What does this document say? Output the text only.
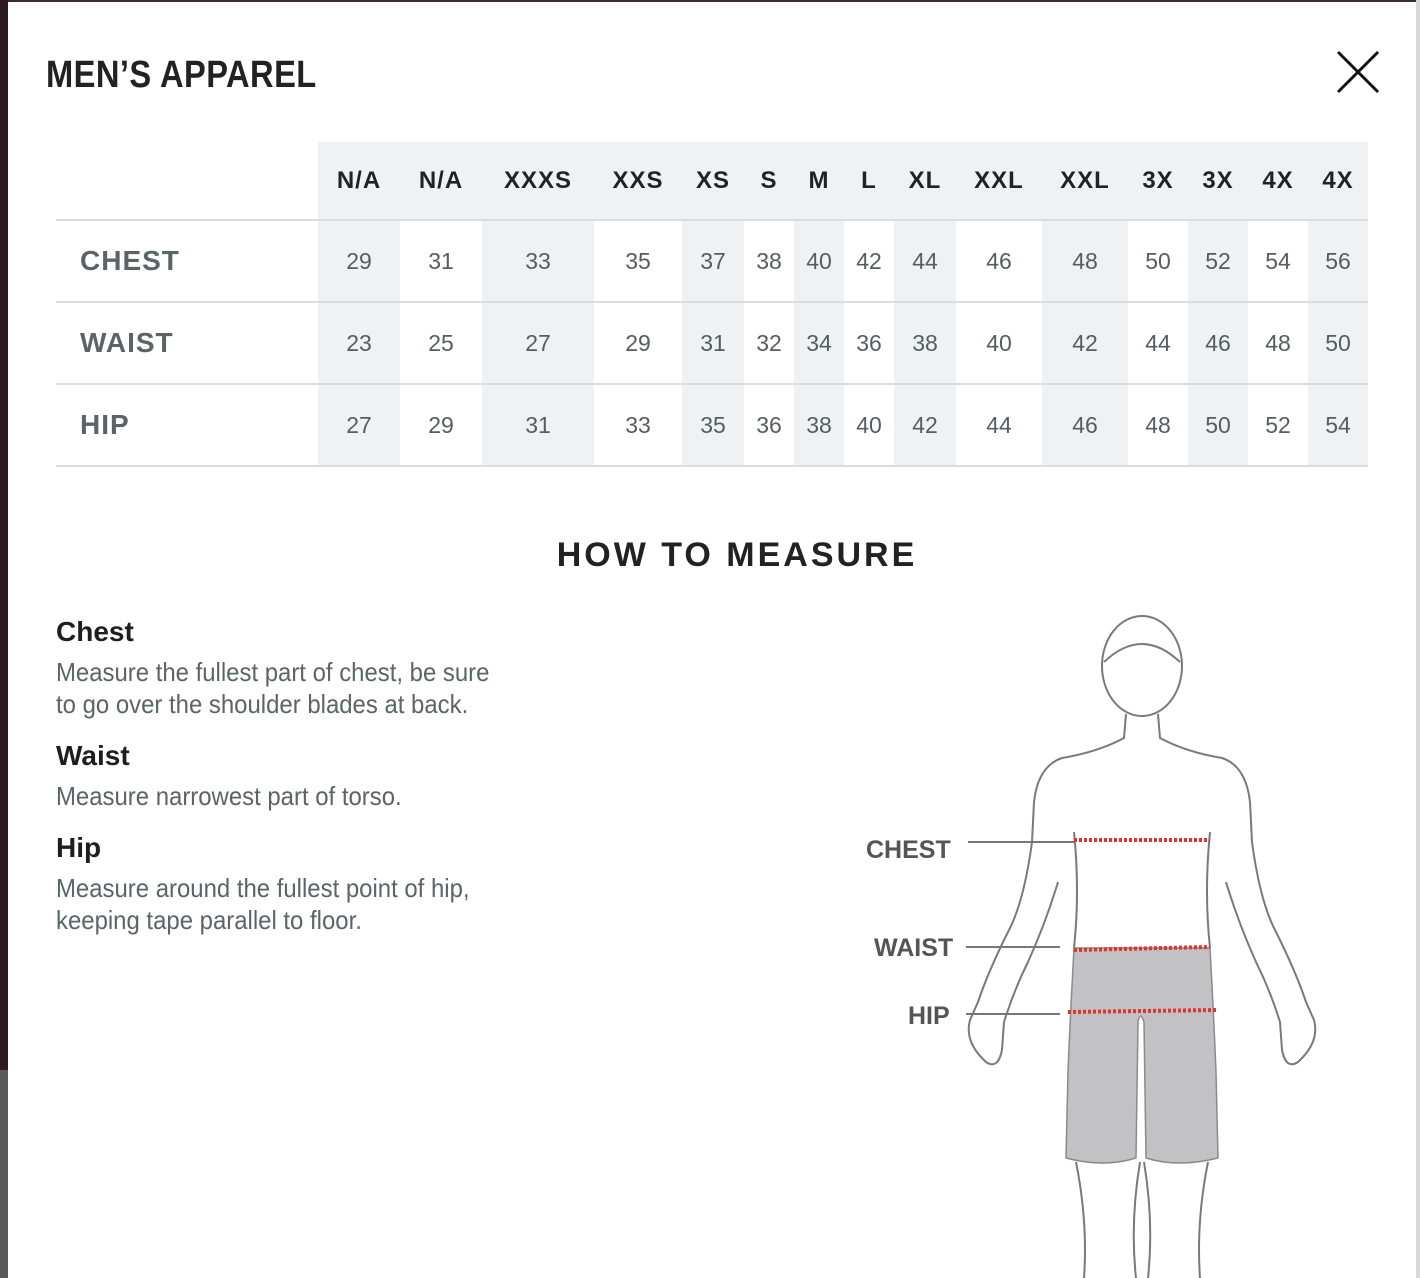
MEN’S APPAREL
	N/A	N/A	XXXS	XXS	XS	S	M	L	XL	XXL	XXL	3X	3X	4X	4X
CHEST	29	31	33	35	37	38	40	42	44	46	48	50	52	54	56
WAIST	23	25	27	29	31	32	34	36	38	40	42	44	46	48	50
HIP	27	29	31	33	35	36	38	40	42	44	46	48	50	52	54
HOW TO MEASURE
Chest
Measure the fullest part of chest, be sure
to go over the shoulder blades at back.
Waist
Measure narrowest part of torso.
Hip
Measure around the fullest point of hip,
keeping tape parallel to floor.
CHEST
WAIST
HIP
